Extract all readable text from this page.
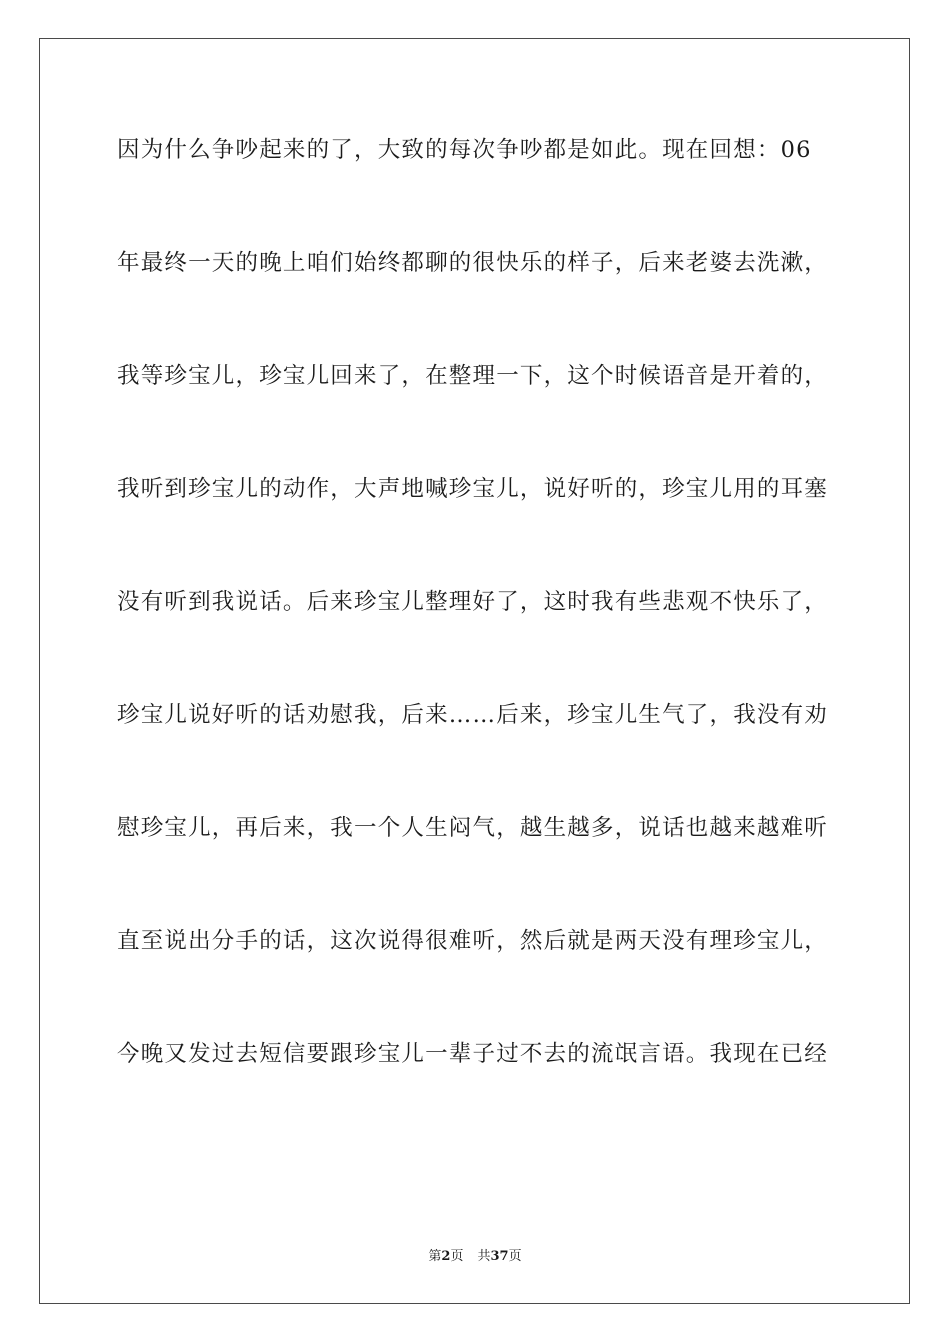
因为什么争吵起来的了，大致的每次争吵都是如此。现在回想：06
年最终一天的晚上咱们始终都聊的很快乐的样子，后来老婆去洗漱，
我等珍宝儿，珍宝儿回来了，在整理一下，这个时候语音是开着的，
我听到珍宝儿的动作，大声地喊珍宝儿，说好听的，珍宝儿用的耳塞
没有听到我说话。后来珍宝儿整理好了，这时我有些悲观不快乐了，
珍宝儿说好听的话劝慰我，后来……后来，珍宝儿生气了，我没有劝
慰珍宝儿，再后来，我一个人生闷气，越生越多，说话也越来越难听
直至说出分手的话，这次说得很难听，然后就是两天没有理珍宝儿，
今晚又发过去短信要跟珍宝儿一辈子过不去的流氓言语。我现在已经
第2页 共37页
